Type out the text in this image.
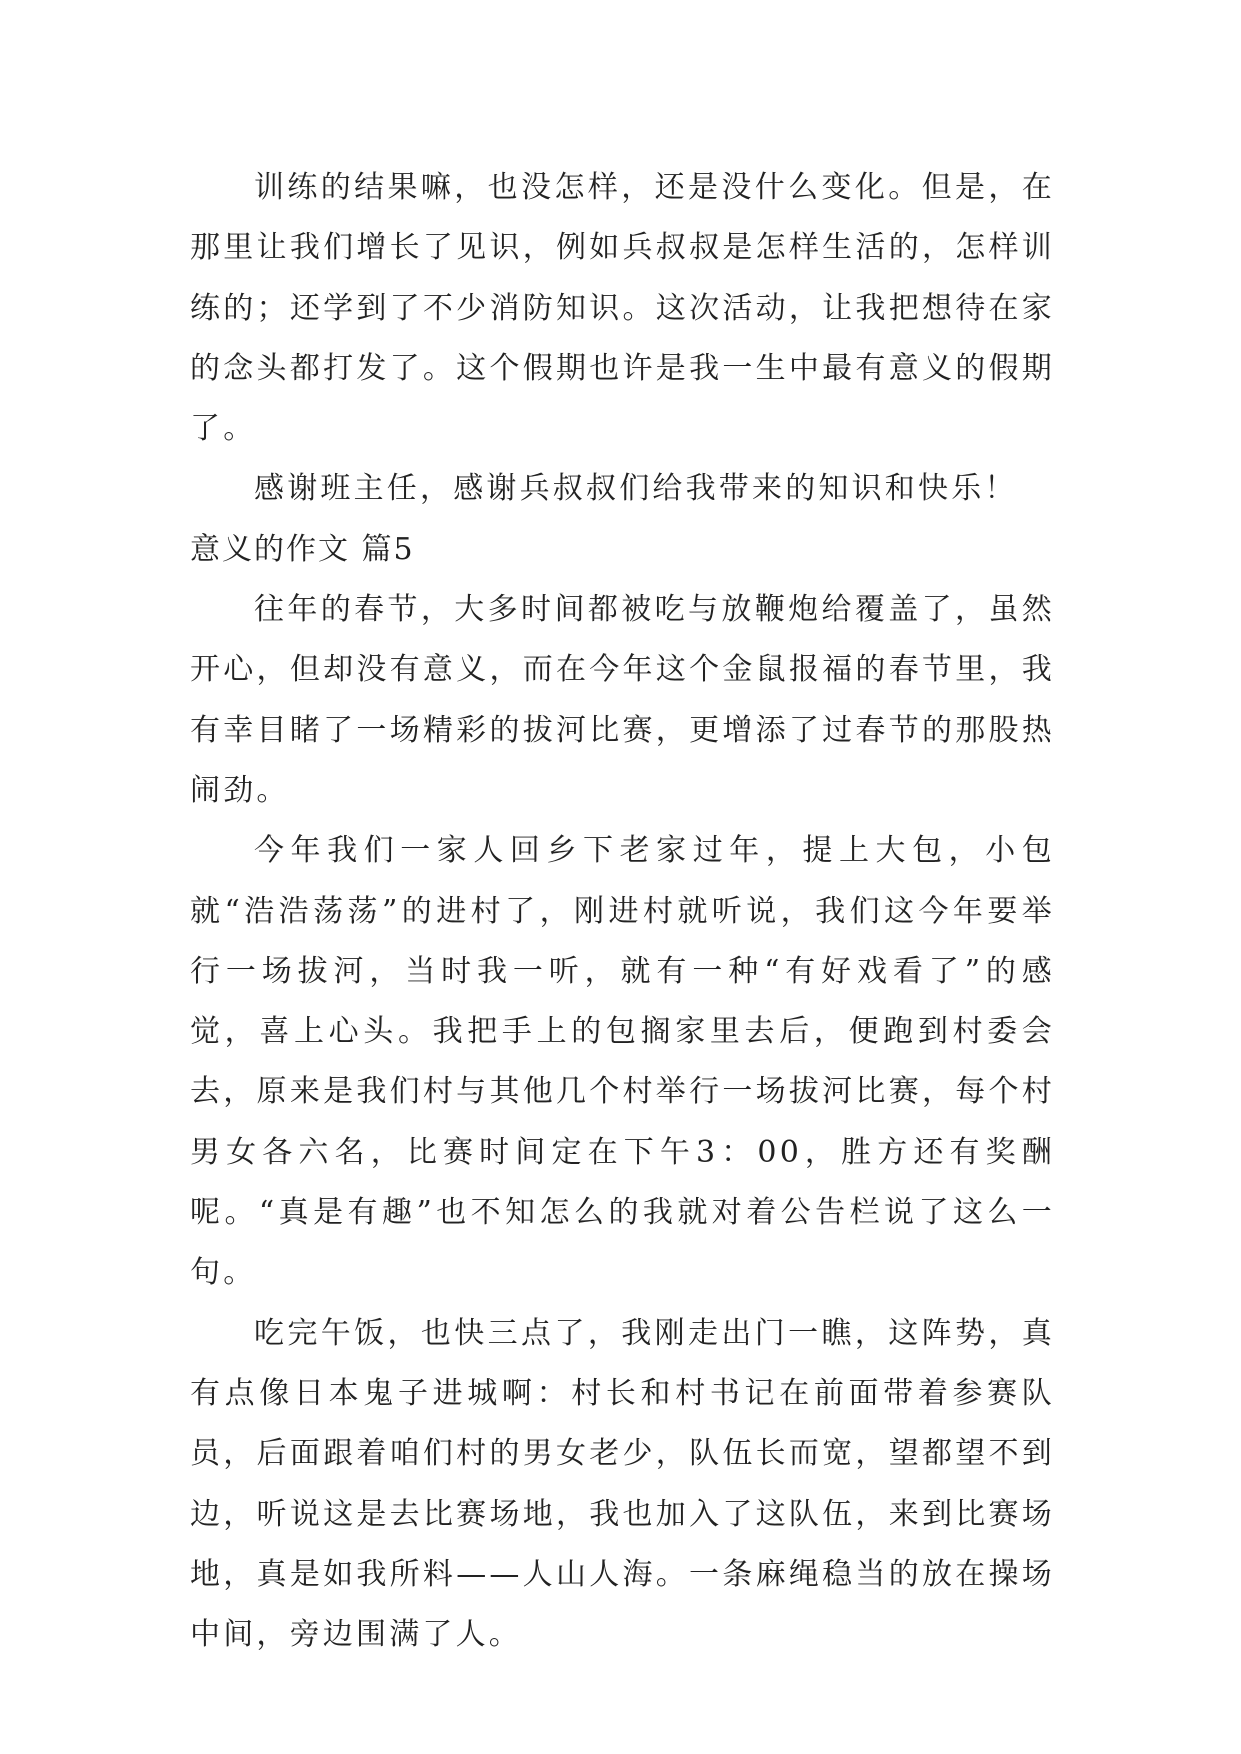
训练的结果嘛，也没怎样，还是没什么变化。但是，在那里让我们增长了见识，例如兵叔叔是怎样生活的，怎样训练的；还学到了不少消防知识。这次活动，让我把想待在家的念头都打发了。这个假期也许是我一生中最有意义的假期了。

感谢班主任，感谢兵叔叔们给我带来的知识和快乐！

意义的作文 篇5

往年的春节，大多时间都被吃与放鞭炮给覆盖了，虽然开心，但却没有意义，而在今年这个金鼠报福的春节里，我有幸目睹了一场精彩的拔河比赛，更增添了过春节的那股热闹劲。

今年我们一家人回乡下老家过年，提上大包，小包就“浩浩荡荡”的进村了，刚进村就听说，我们这今年要举行一场拔河，当时我一听，就有一种“有好戏看了”的感觉，喜上心头。我把手上的包搁家里去后，便跑到村委会去，原来是我们村与其他几个村举行一场拔河比赛，每个村男女各六名，比赛时间定在下午3：00，胜方还有奖酬呢。“真是有趣”也不知怎么的我就对着公告栏说了这么一句。

吃完午饭，也快三点了，我刚走出门一瞧，这阵势，真有点像日本鬼子进城啊：村长和村书记在前面带着参赛队员，后面跟着咱们村的男女老少，队伍长而宽，望都望不到边，听说这是去比赛场地，我也加入了这队伍，来到比赛场地，真是如我所料——人山人海。一条麻绳稳当的放在操场中间，旁边围满了人。
